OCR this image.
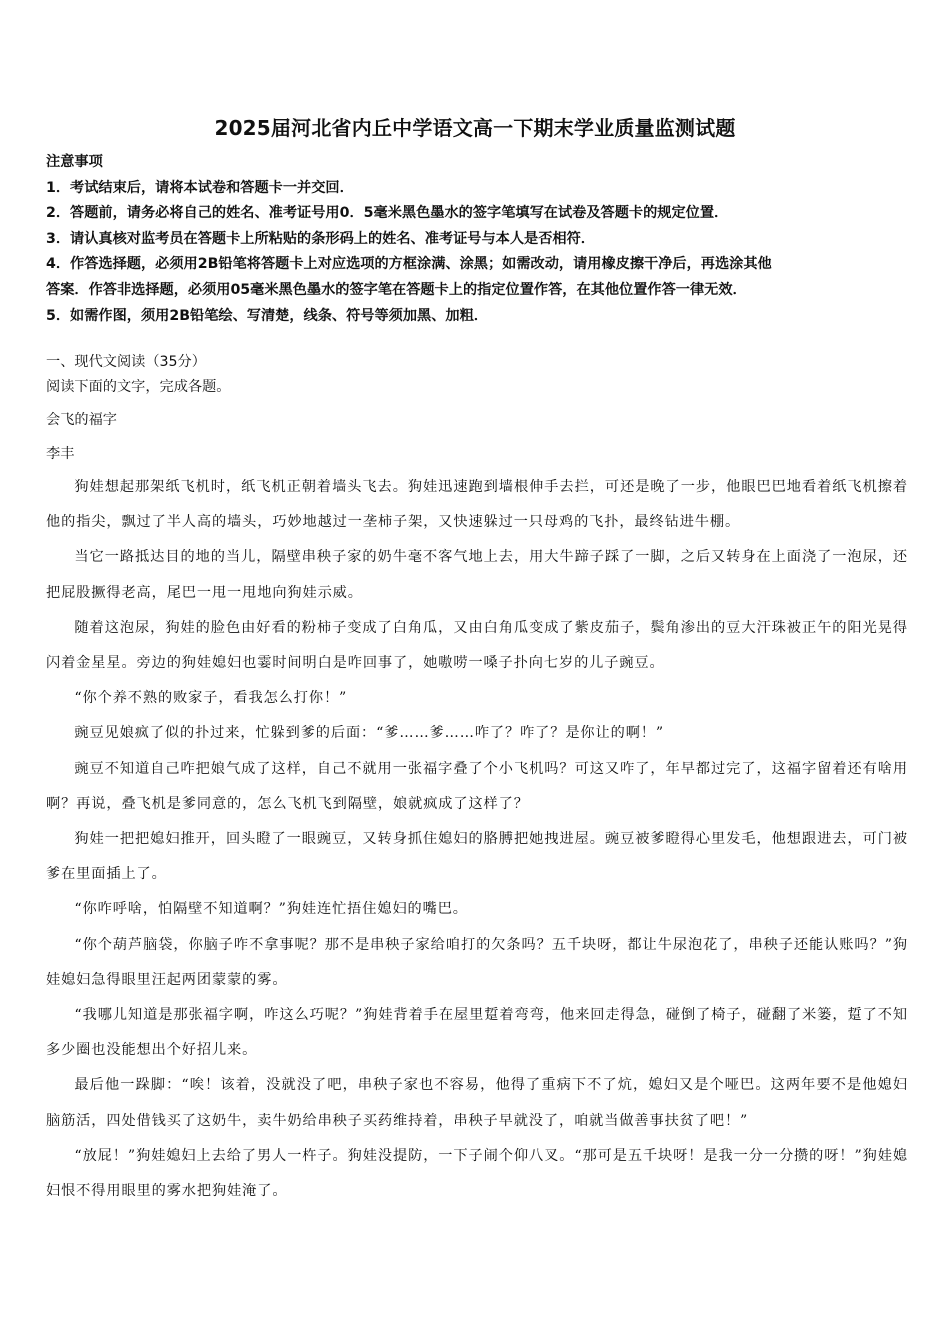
2025届河北省内丘中学语文高一下期末学业质量监测试题
注意事项
1．考试结束后，请将本试卷和答题卡一并交回．
2．答题前，请务必将自己的姓名、准考证号用0．5毫米黑色墨水的签字笔填写在试卷及答题卡的规定位置．
3．请认真核对监考员在答题卡上所粘贴的条形码上的姓名、准考证号与本人是否相符．
4．作答选择题，必须用2B铅笔将答题卡上对应选项的方框涂满、涂黑；如需改动，请用橡皮擦干净后，再选涂其他
答案．作答非选择题，必须用05毫米黑色墨水的签字笔在答题卡上的指定位置作答，在其他位置作答一律无效．
5．如需作图，须用2B铅笔绘、写清楚，线条、符号等须加黑、加粗．
一、现代文阅读（35分）
阅读下面的文字，完成各题。
会飞的福字
李丰

狗娃想起那架纸飞机时，纸飞机正朝着墙头飞去。狗娃迅速跑到墙根伸手去拦，可还是晚了一步，他眼巴巴地看着纸飞机擦着他的指尖，飘过了半人高的墙头，巧妙地越过一垄柿子架，又快速躲过一只母鸡的飞扑，最终钻进牛棚。

当它一路抵达目的地的当儿，隔壁串秧子家的奶牛毫不客气地上去，用大牛蹄子踩了一脚，之后又转身在上面浇了一泡尿，还把屁股撅得老高，尾巴一甩一甩地向狗娃示威。

随着这泡尿，狗娃的脸色由好看的粉柿子变成了白角瓜，又由白角瓜变成了紫皮茄子，鬓角渗出的豆大汗珠被正午的阳光晃得闪着金星星。旁边的狗娃媳妇也霎时间明白是咋回事了，她嗷唠一嗓子扑向七岁的儿子豌豆。

“你个养不熟的败家子，看我怎么打你！”

豌豆见娘疯了似的扑过来，忙躲到爹的后面：“爹……爹……咋了？咋了？是你让的啊！”

豌豆不知道自己咋把娘气成了这样，自己不就用一张福字叠了个小飞机吗？可这又咋了，年早都过完了，这福字留着还有啥用啊？再说，叠飞机是爹同意的，怎么飞机飞到隔壁，娘就疯成了这样了？

狗娃一把把媳妇推开，回头瞪了一眼豌豆，又转身抓住媳妇的胳膊把她拽进屋。豌豆被爹瞪得心里发毛，他想跟进去，可门被爹在里面插上了。

“你咋呼啥，怕隔壁不知道啊？”狗娃连忙捂住媳妇的嘴巴。

“你个葫芦脑袋，你脑子咋不拿事呢？那不是串秧子家给咱打的欠条吗？五千块呀，都让牛尿泡花了，串秧子还能认账吗？”狗娃媳妇急得眼里汪起两团蒙蒙的雾。

“我哪儿知道是那张福字啊，咋这么巧呢？”狗娃背着手在屋里踅着弯弯，他来回走得急，碰倒了椅子，碰翻了米篓，踅了不知多少圈也没能想出个好招儿来。

最后他一跺脚：“唉！该着，没就没了吧，串秧子家也不容易，他得了重病下不了炕，媳妇又是个哑巴。这两年要不是他媳妇脑筋活，四处借钱买了这奶牛，卖牛奶给串秧子买药维持着，串秧子早就没了，咱就当做善事扶贫了吧！”

“放屁！”狗娃媳妇上去给了男人一杵子。狗娃没提防，一下子闹个仰八叉。“那可是五千块呀！是我一分一分攒的呀！”狗娃媳妇恨不得用眼里的雾水把狗娃淹了。
